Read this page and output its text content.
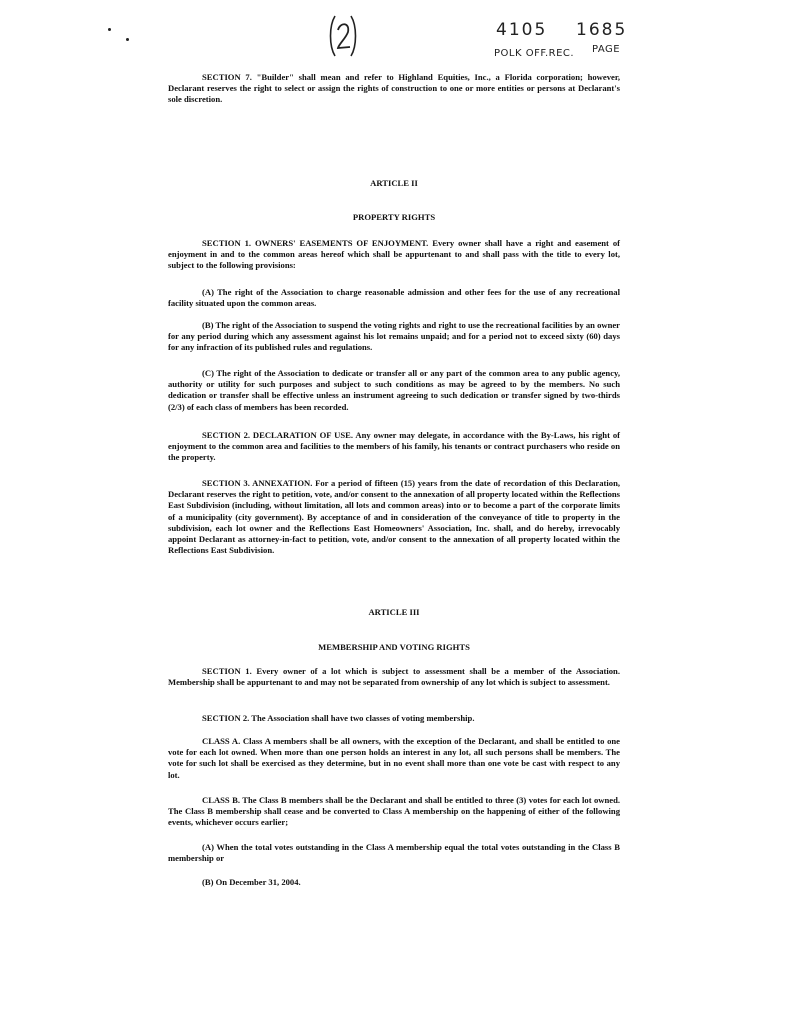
4105 1685
POLK OFF.REC. PAGE

SECTION 7. "Builder" shall mean and refer to Highland Equities, Inc., a Florida corporation; however, Declarant reserves the right to select or assign the rights of construction to one or more entities or persons at Declarant's sole discretion.

ARTICLE II
PROPERTY RIGHTS

SECTION 1. OWNERS' EASEMENTS OF ENJOYMENT. Every owner shall have a right and easement of enjoyment in and to the common areas hereof which shall be appurtenant to and shall pass with the title to every lot, subject to the following provisions:

(A) The right of the Association to charge reasonable admission and other fees for the use of any recreational facility situated upon the common areas.

(B) The right of the Association to suspend the voting rights and right to use the recreational facilities by an owner for any period during which any assessment against his lot remains unpaid; and for a period not to exceed sixty (60) days for any infraction of its published rules and regulations.

(C) The right of the Association to dedicate or transfer all or any part of the common area to any public agency, authority or utility for such purposes and subject to such conditions as may be agreed to by the members. No such dedication or transfer shall be effective unless an instrument agreeing to such dedication or transfer signed by two-thirds (2/3) of each class of members has been recorded.

SECTION 2. DECLARATION OF USE. Any owner may delegate, in accordance with the By-Laws, his right of enjoyment to the common area and facilities to the members of his family, his tenants or contract purchasers who reside on the property.

SECTION 3. ANNEXATION. For a period of fifteen (15) years from the date of recordation of this Declaration, Declarant reserves the right to petition, vote, and/or consent to the annexation of all property located within the Reflections East Subdivision (including, without limitation, all lots and common areas) into or to become a part of the corporate limits of a municipality (city government). By acceptance of and in consideration of the conveyance of title to property in the subdivision, each lot owner and the Reflections East Homeowners' Association, Inc. shall, and do hereby, irrevocably appoint Declarant as attorney-in-fact to petition, vote, and/or consent to the annexation of all property located within the Reflections East Subdivision.

ARTICLE III
MEMBERSHIP AND VOTING RIGHTS

SECTION 1. Every owner of a lot which is subject to assessment shall be a member of the Association. Membership shall be appurtenant to and may not be separated from ownership of any lot which is subject to assessment.

SECTION 2. The Association shall have two classes of voting membership.

CLASS A. Class A members shall be all owners, with the exception of the Declarant, and shall be entitled to one vote for each lot owned. When more than one person holds an interest in any lot, all such persons shall be members. The vote for such lot shall be exercised as they determine, but in no event shall more than one vote be cast with respect to any lot.

CLASS B. The Class B members shall be the Declarant and shall be entitled to three (3) votes for each lot owned. The Class B membership shall cease and be converted to Class A membership on the happening of either of the following events, whichever occurs earlier;

(A) When the total votes outstanding in the Class A membership equal the total votes outstanding in the Class B membership or

(B) On December 31, 2004.
